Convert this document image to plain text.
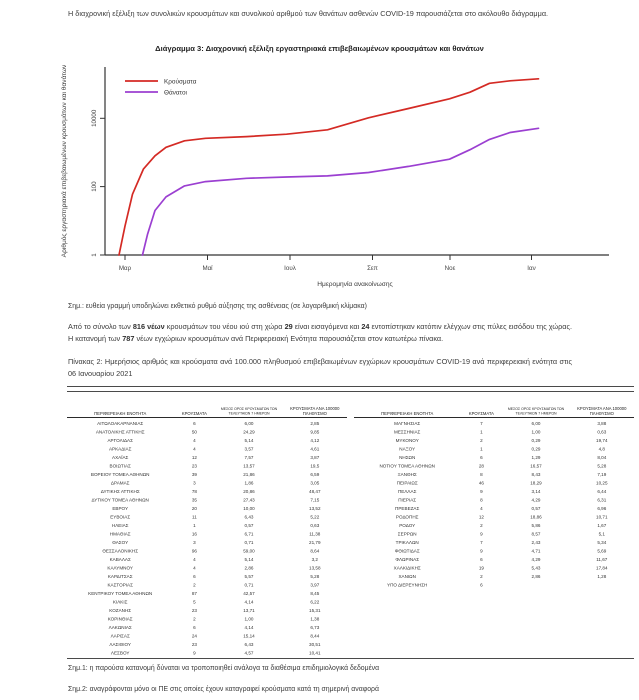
Η διαχρονική εξέλιξη των συνολικών κρουσμάτων και συνολικού αριθμού των θανάτων ασθενών COVID-19 παρουσιάζεται στο ακόλουθο διάγραμμα.
Διάγραμμα 3: Διαχρονική εξέλιξη εργαστηριακά επιβεβαιωμένων κρουσμάτων και θανάτων
1
100
10000
Μαρ	Μαϊ	Ιουλ	Σεπ	Νοε	Ιαν
Κρούσματα
Θάνατοι
Ημερομηνία ανακοίνωσης
Αριθμός εργαστηριακά επιβεβαιωμένων κρουσμάτων και θανάτων
Σημ.: ευθεία γραμμή υποδηλώνει εκθετικό ρυθμό αύξησης της ασθένειας (σε λογαριθμική κλίμακα)
Από το σύνολο των 816 νέων κρουσμάτων του νέου ιού στη χώρα 29 είναι εισαγόμενα και 24 εντοπίστηκαν κατόπιν ελέγχων στις πύλες εισόδου της χώρας. Η κατανομή των 787 νέων εγχώριων κρουσμάτων ανά Περιφερειακή Ενότητα παρουσιάζεται στον κατωτέρω πίνακα.
Πίνακας 2: Ημερήσιος αριθμός και κρούσματα ανά 100.000 πληθυσμού επιβεβαιωμένων εγχώριων κρουσμάτων COVID-19 ανά περιφερειακή ενότητα στις 06 Ιανουαρίου 2021
ΠΕΡΙΦΕΡΕΙΑΚΗ ΕΝΟΤΗΤΑ	ΚΡΟΥΣΜΑΤΑ
ΜΕΣΟΣ ΟΡΟΣ ΚΡΟΥΣΜΑΤΩΝ ΤΩΝ
ΤΕΛΕΥΤΑΙΩΝ 7 ΗΜΕΡΩΝ
ΚΡΟΥΣΜΑΤΑ ΑΝΑ 100000 ΠΛΗΘΥΣΜΟ	ΠΕΡΙΦΕΡΕΙΑΚΗ ΕΝΟΤΗΤΑ	ΚΡΟΥΣΜΑΤΑ
ΜΕΣΟΣ ΟΡΟΣ ΚΡΟΥΣΜΑΤΩΝ ΤΩΝ
ΤΕΛΕΥΤΑΙΩΝ 7 ΗΜΕΡΩΝ
ΚΡΟΥΣΜΑΤΑ ΑΝΑ 100000 ΠΛΗΘΥΣΜΟ
ΑΙΤΩΛΟΑΚΑΡΝΑΝΙΑΣ	6	6,00	2,85
ΑΝΑΤΟΛΙΚΗΣ ΑΤΤΙΚΗΣ	50	24,29	9,85
ΑΡΓΟΛΙΔΑΣ	4	5,14	4,12
ΑΡΚΑΔΙΑΣ	4	3,57	4,61
ΑΧΑΪΑΣ	12	7,57	3,87
ΒΟΙΩΤΙΑΣ	23	13,57	19,5
ΒΟΡΕΙΟΥ ΤΟΜΕΑ ΑΘΗΝΩΝ	39	21,86	6,59
ΔΡΑΜΑΣ	3	1,86	3,05
ΔΥΤΙΚΗΣ ΑΤΤΙΚΗΣ	78	20,86	48,47
ΔΥΤΙΚΟΥ ΤΟΜΕΑ ΑΘΗΝΩΝ	35	27,43	7,15
ΕΒΡΟΥ	20	10,00	13,52
ΕΥΒΟΙΑΣ	11	6,43	5,22
ΗΛΕΙΑΣ	1	0,57	0,63
ΗΜΑΘΙΑΣ	16	6,71	11,38
ΘΑΣΟΥ	3	0,71	21,79
ΘΕΣΣΑΛΟΝΙΚΗΣ	96	59,00	8,64
ΚΑΒΑΛΑΣ	4	5,14	3,2
ΚΑΛΥΜΝΟΥ	4	2,86	13,58
ΚΑΡΔΙΤΣΑΣ	6	5,57	5,28
ΚΑΣΤΟΡΙΑΣ	2	0,71	3,97
ΚΕΝΤΡΙΚΟΥ ΤΟΜΕΑ ΑΘΗΝΩΝ	87	42,57	8,45
ΚΙΛΚΙΣ	5	4,14	6,22
ΚΟΖΑΝΗΣ	23	13,71	15,31
ΚΟΡΙΝΘΙΑΣ	2	1,00	1,38
ΛΑΚΩΝΙΑΣ	6	4,14	6,73
ΛΑΡΙΣΑΣ	24	15,14	8,44
ΛΑΣΙΘΙΟΥ	23	6,43	30,51
ΛΕΣΒΟΥ	9	4,57	10,41
ΜΑΓΝΗΣΙΑΣ	7	6,00	3,88
ΜΕΣΣΗΝΙΑΣ	1	1,00	0,63
ΜΥΚΟΝΟΥ	2	0,29	19,74
ΝΑΞΟΥ	1	0,29	4,8
ΝΗΣΩΝ	6	1,29	8,04
ΝΟΤΙΟΥ ΤΟΜΕΑ ΑΘΗΝΩΝ	28	16,57	5,28
ΞΑΝΘΗΣ	8	8,43	7,19
ΠΕΙΡΑΙΩΣ	46	18,29	10,25
ΠΕΛΛΑΣ	9	3,14	6,44
ΠΙΕΡΙΑΣ	8	4,29	6,31
ΠΡΕΒΕΖΑΣ	4	0,57	6,96
ΡΟΔΟΠΗΣ	12	18,86	10,71
ΡΟΔΟΥ	2	5,86	1,67
ΣΕΡΡΩΝ	9	8,57	5,1
ΤΡΙΚΑΛΩΝ	7	2,43	5,34
ΦΘΙΩΤΙΔΑΣ	9	4,71	5,69
ΦΛΩΡΙΝΑΣ	6	4,29	11,67
ΧΑΛΚΙΔΙΚΗΣ	19	5,43	17,84
ΧΑΝΙΩΝ	2	2,86	1,28
ΥΠΟ ΔΙΕΡΕΥΝΗΣΗ	6
Σημ.1: η παρούσα κατανομή δύναται να τροποποιηθεί ανάλογα τα διαθέσιμα επιδημιολογικά δεδομένα
Σημ.2: αναγράφονται μόνο οι ΠΕ στις οποίες έχουν καταγραφεί κρούσματα κατά τη σημερινή αναφορά
